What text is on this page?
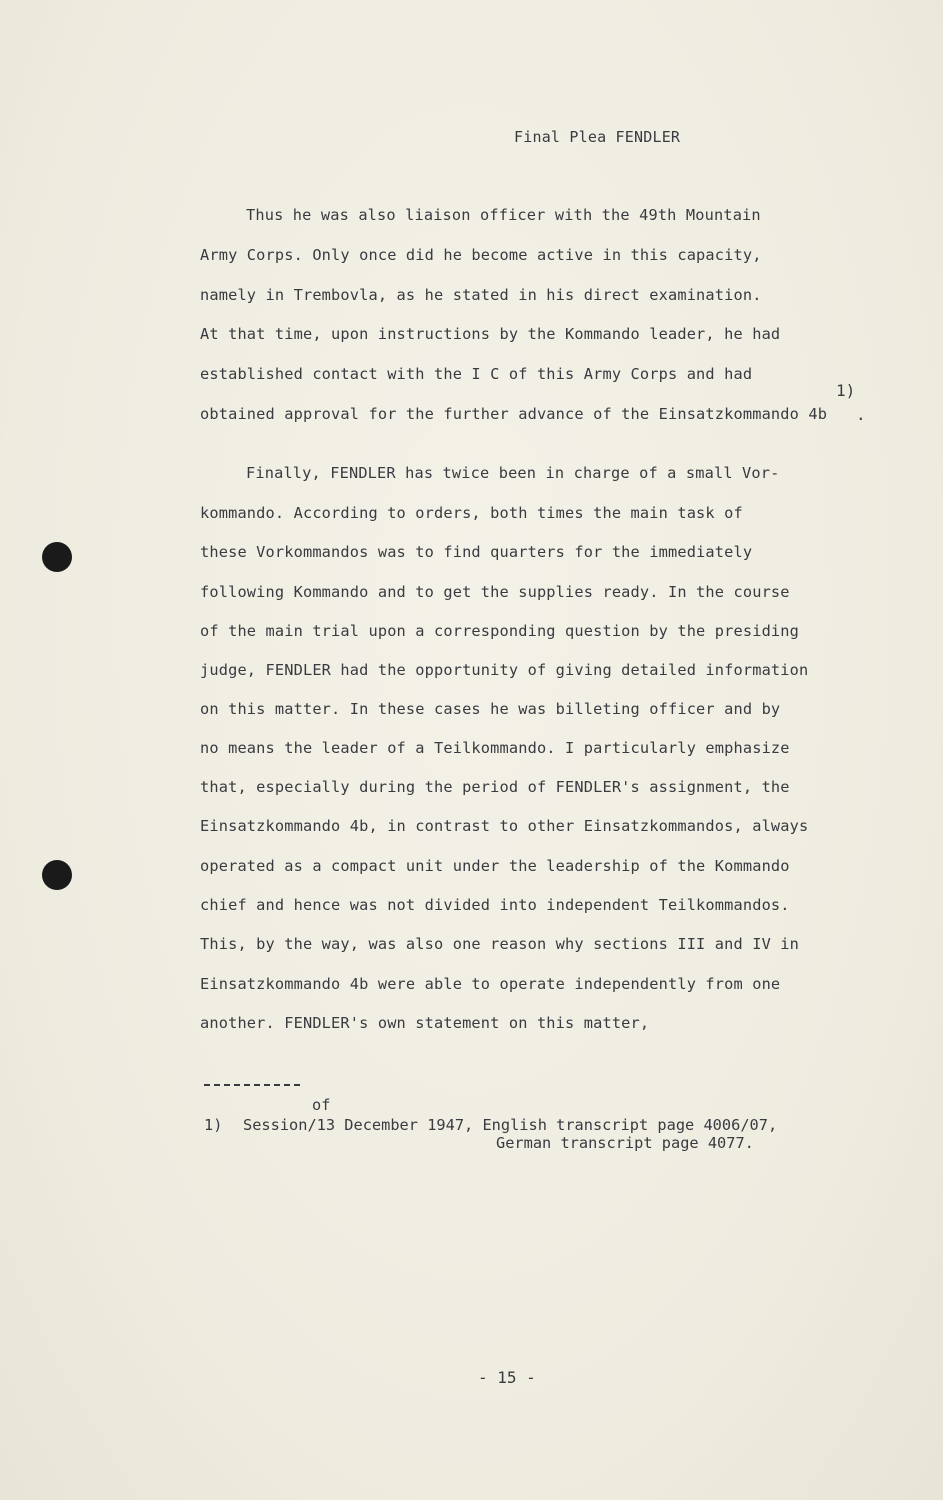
Final Plea FENDLER
Thus he was also liaison officer with the 49th Mountain
Army Corps. Only once did he become active in this capacity,
namely in Trembovla, as he stated in his direct examination.
At that time, upon instructions by the Kommando leader, he had
established contact with the I C of this Army Corps and had
obtained approval for the further advance of the Einsatzkommando 4b
1)
.
Finally, FENDLER has twice been in charge of a small Vor-
kommando. According to orders, both times the main task of
these Vorkommandos was to find quarters for the immediately
following Kommando and to get the supplies ready. In the course
of the main trial upon a corresponding question by the presiding
judge, FENDLER had the opportunity of giving detailed information
on this matter. In these cases he was billeting officer and by
no means the leader of a Teilkommando. I particularly emphasize
that, especially during the period of FENDLER's assignment, the
Einsatzkommando 4b, in contrast to other Einsatzkommandos, always
operated as a compact unit under the leadership of the Kommando
chief and hence was not divided into independent Teilkommandos.
This, by the way, was also one reason why sections III and IV in
Einsatzkommando 4b were able to operate independently from one
another. FENDLER's own statement on this matter,
of
1) Session/13 December 1947, English transcript page 4006/07,
German transcript page 4077.
- 15 -
